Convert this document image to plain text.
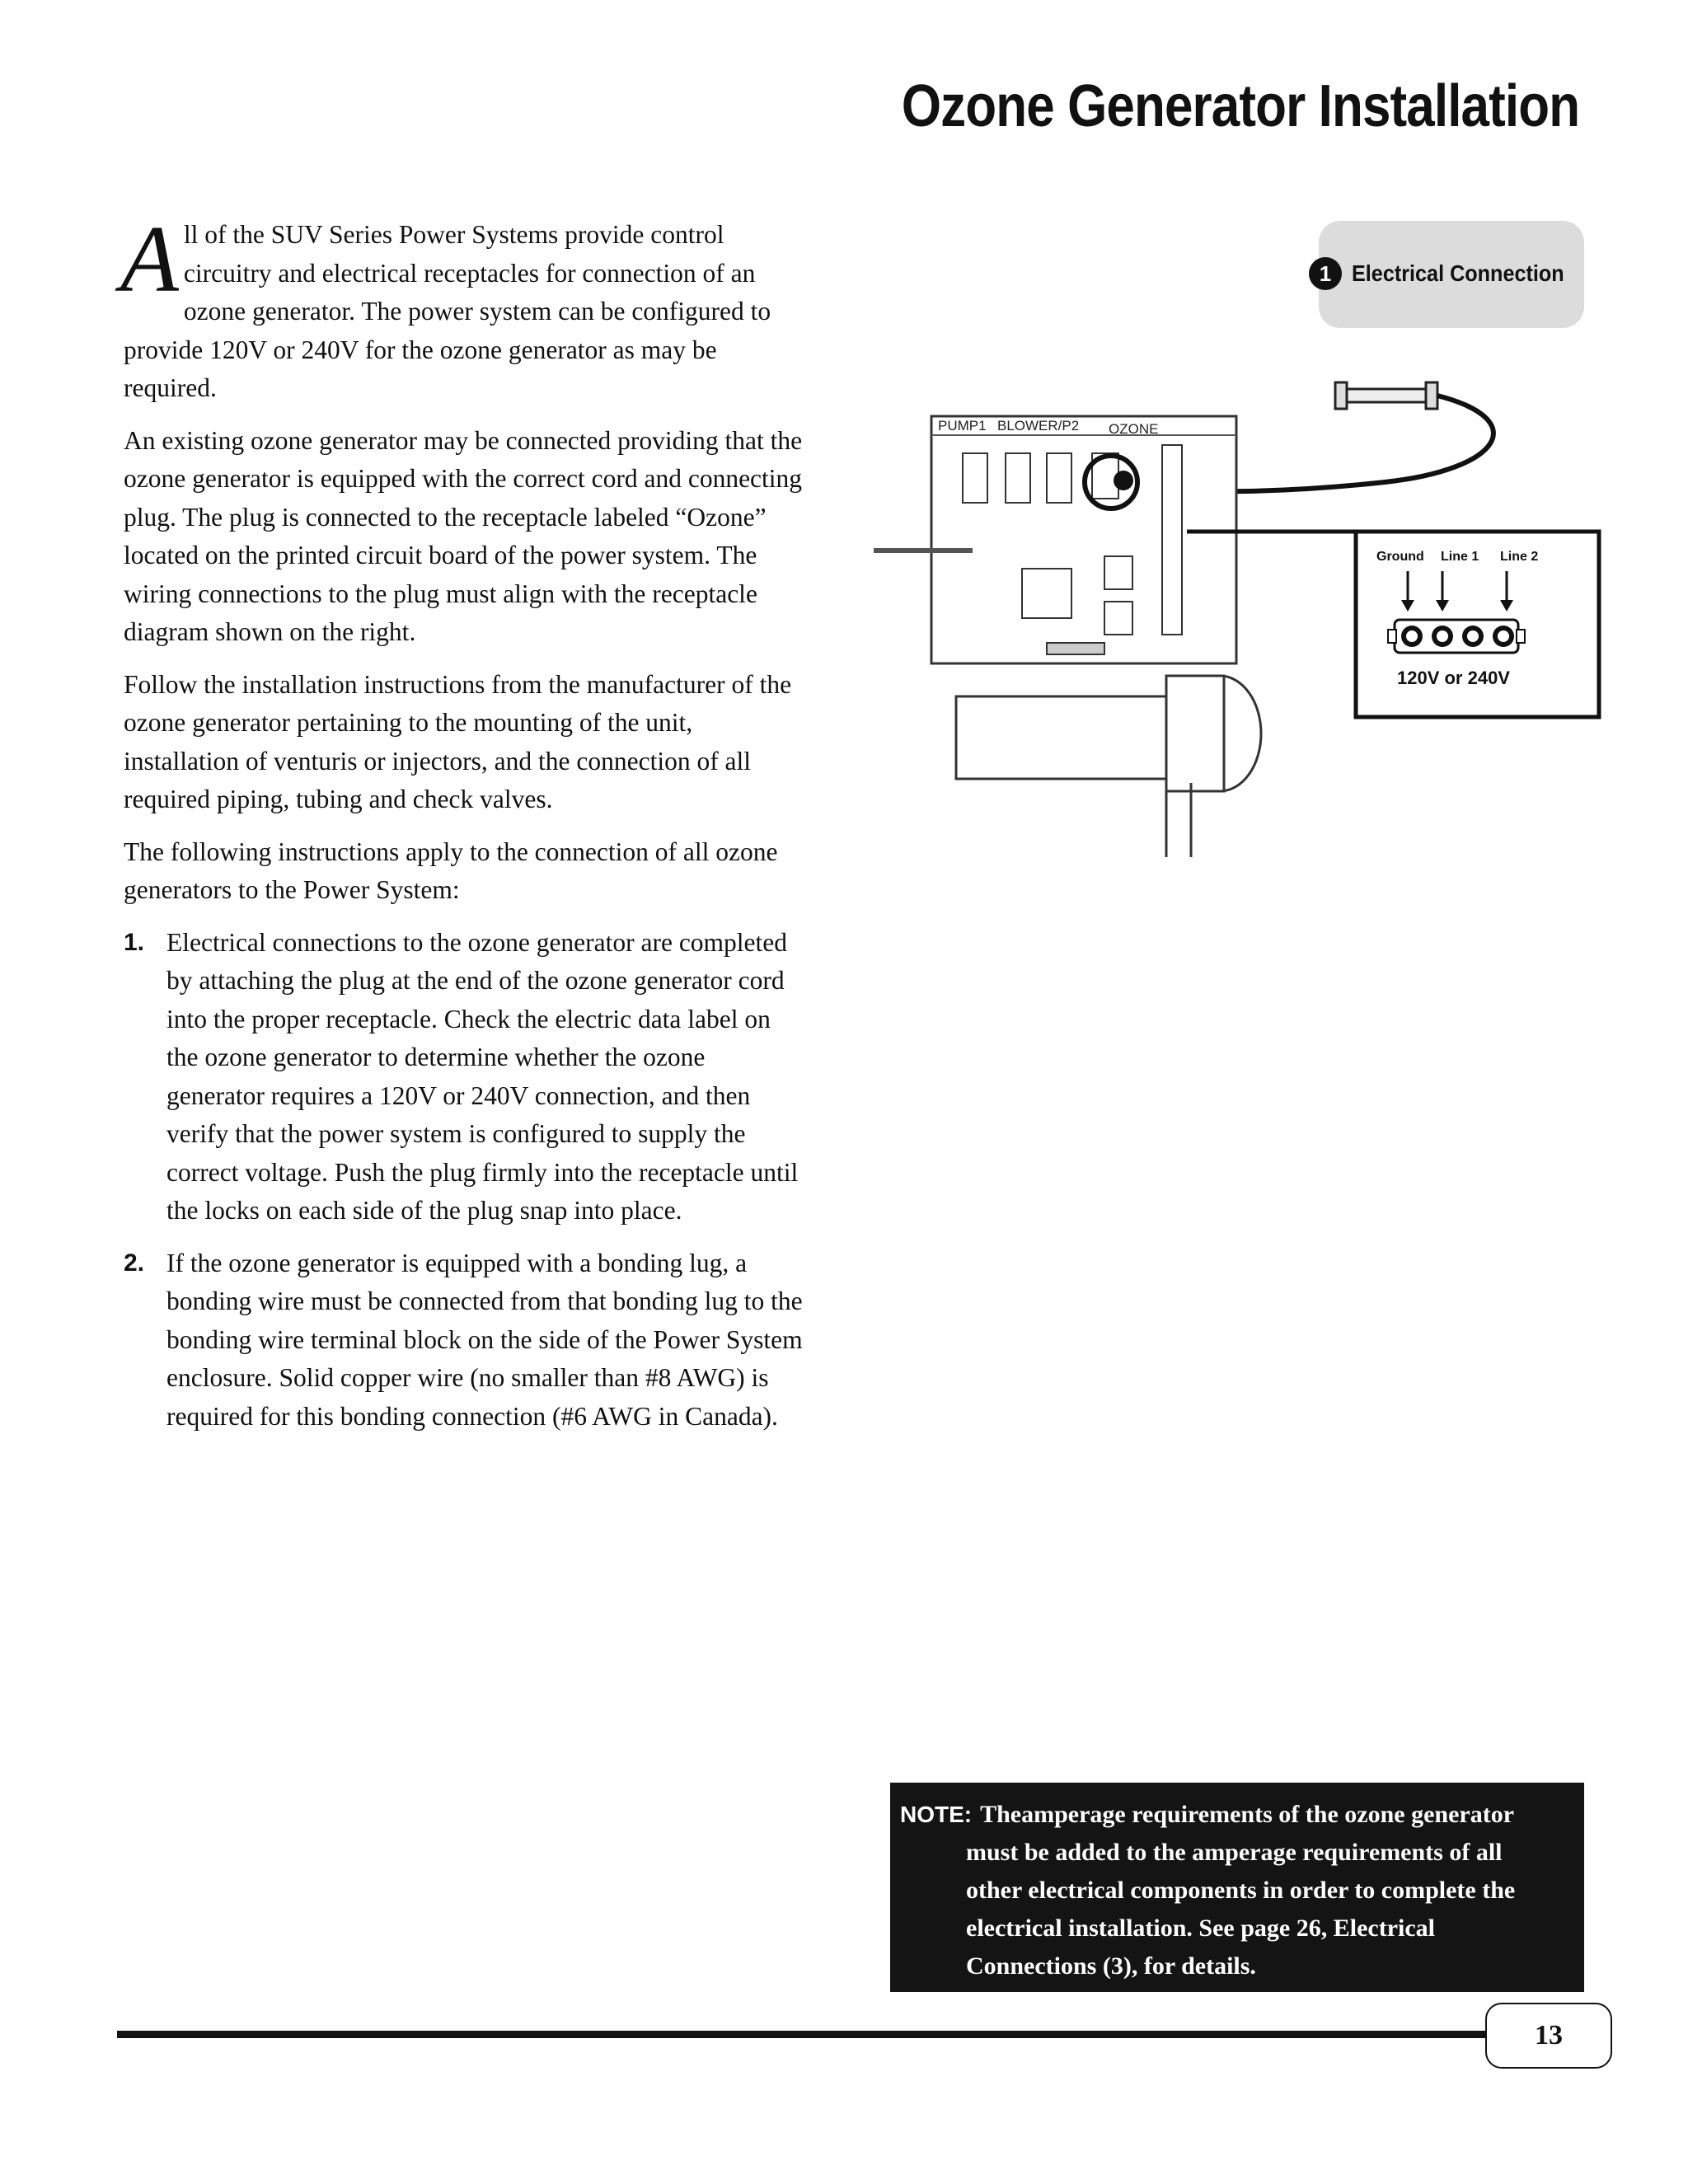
Ozone Generator Installation

All of the SUV Series Power Systems provide control circuitry and electrical receptacles for connection of an ozone generator. The power system can be configured to provide 120V or 240V for the ozone generator as may be required.

An existing ozone generator may be connected providing that the ozone generator is equipped with the correct cord and connecting plug. The plug is connected to the receptacle labeled “Ozone” located on the printed circuit board of the power system. The wiring connections to the plug must align with the receptacle diagram shown on the right.

Follow the installation instructions from the manufacturer of the ozone generator pertaining to the mounting of the unit, installation of venturis or injectors, and the connection of all required piping, tubing and check valves.

The following instructions apply to the connection of all ozone generators to the Power System:

1. Electrical connections to the ozone generator are completed by attaching the plug at the end of the ozone generator cord into the proper receptacle. Check the electric data label on the ozone generator to determine whether the ozone generator requires a 120V or 240V connection, and then verify that the power system is configured to supply the correct voltage. Push the plug firmly into the receptacle until the locks on each side of the plug snap into place.
2. If the ozone generator is equipped with a bonding lug, a bonding wire must be connected from that bonding lug to the bonding wire terminal block on the side of the Power System enclosure. Solid copper wire (no smaller than #8 AWG) is required for this bonding connection (#6 AWG in Canada).
1 Electrical Connection
PUMP1 BLOWER/P2 OZONE
Ground Line 1 Line 2
120V or 240V
NOTE: Theamperage requirements of the ozone generator
must be added to the amperage requirements of all other electrical components in order to complete the electrical installation. See page 26, Electrical Connections (3), for details.
13
